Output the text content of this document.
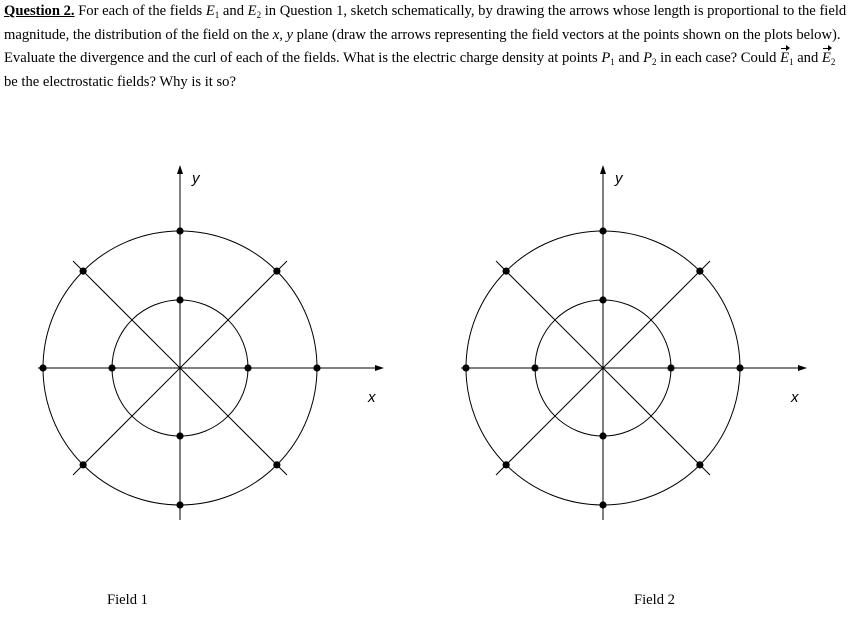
Question 2. For each of the fields $E_1$ and $E_2$ in Question 1, sketch schematically, by drawing the arrows whose length is proportional to the field magnitude, the distribution of the field on the x, y plane (draw the arrows representing the field vectors at the points shown on the plots below). Evaluate the divergence and the curl of each of the fields. What is the electric charge density at points $P_1$ and $P_2$ in each case? Could $E_1$ and $E_2$ be the electrostatic fields? Why is it so?
x
y
x
y
Field 1	Field 2
